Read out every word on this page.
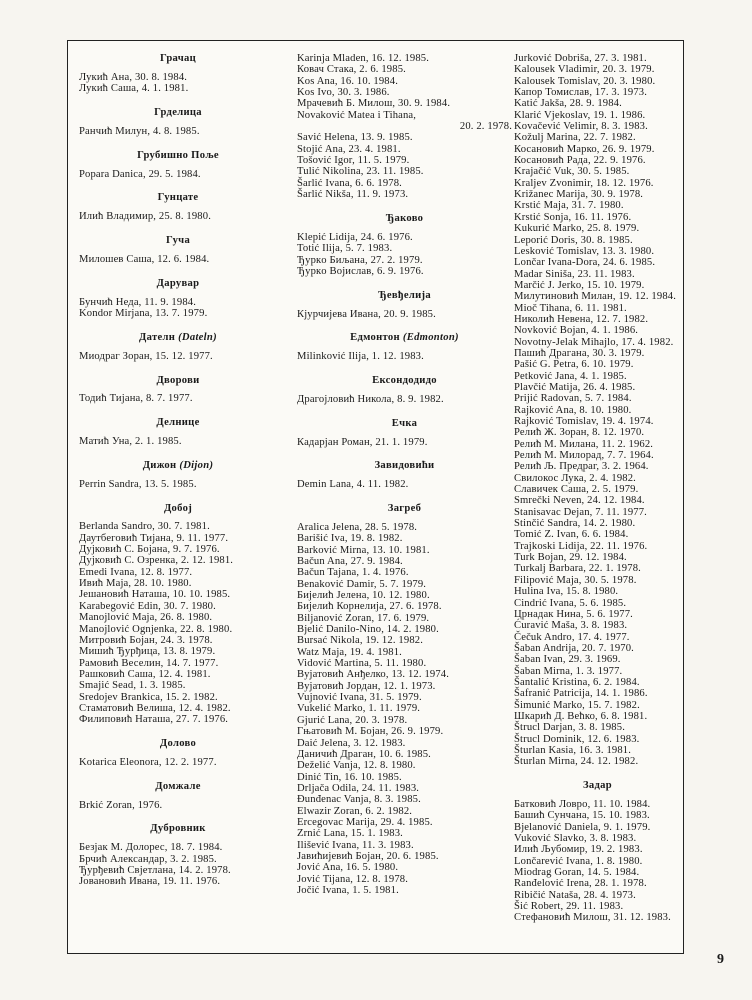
Грачац
Лукић Ана, 30. 8. 1984.
Лукић Саша, 4. 1. 1981.
Грделица
Ранчић Милун, 4. 8. 1985.
Грубишно Поље
Popara Danica, 29. 5. 1984.
Гунцате
Илић Владимир, 25. 8. 1980.
Гуча
Милошев Саша, 12. 6. 1984.
Дарувар
Бунчић Неда, 11. 9. 1984.
Kondor Mirjana, 13. 7. 1979.
Дателн (Dateln)
Миодраг Зоран, 15. 12. 1977.
Дворови
Тодић Тијана, 8. 7. 1977.
Делнице
Матић Уна, 2. 1. 1985.
Дижон (Dijon)
Perrin Sandra, 13. 5. 1985.
Добој
Berlanda Sandro, 30. 7. 1981.
Даутбеговић Тијана, 9. 11. 1977.
Дујковић С. Бојана, 9. 7. 1976.
Дујковић С. Озренка, 2. 12. 1981.
Emedi Ivana, 12. 8. 1977.
Ивић Маја, 28. 10. 1980.
Јешановић Наташа, 10. 10. 1985.
Karabegović Edin, 30. 7. 1980.
Manojlović Maja, 26. 8. 1980.
Manojlović Ognjenka, 22. 8. 1980.
Митровић Бојан, 24. 3. 1978.
Мишић Ђурђица, 13. 8. 1979.
Рамовић Веселин, 14. 7. 1977.
Рашковић Саша, 12. 4. 1981.
Smajić Sead, 1. 3. 1985.
Sredojev Brankica, 15. 2. 1982.
Стаматовић Велиша, 12. 4. 1982.
Филиповић Наташа, 27. 7. 1976.
Долово
Kotarica Eleonora, 12. 2. 1977.
Домжале
Brkić Zoran, 1976.
Дубровник
Безјак М. Долорес, 18. 7. 1984.
Брчић Александар, 3. 2. 1985.
Ђурђевић Свјетлана, 14. 2. 1978.
Јовановић Ивана, 19. 11. 1976.
Karinja Mladen, 16. 12. 1985.
Ковач Стака, 2. 6. 1985.
Kos Ana, 16. 10. 1984.
Kos Ivo, 30. 3. 1986.
Мрачевић Б. Милош, 30. 9. 1984.
Novaković Matea i Tihana,
20. 2. 1978.
Savić Helena, 13. 9. 1985.
Stojić Ana, 23. 4. 1981.
Tošović Igor, 11. 5. 1979.
Tulić Nikolina, 23. 11. 1985.
Šarlić Ivana, 6. 6. 1978.
Šarlić Nikša, 11. 9. 1973.
Ђаково
Klepić Lidija, 24. 6. 1976.
Totić Ilija, 5. 7. 1983.
Ђуркo Биљана, 27. 2. 1979.
Ђуркo Војислав, 6. 9. 1976.
Ђевђелија
Кјурчијева Ивана, 20. 9. 1985.
Едмонтон (Edmonton)
Milinković Ilija, 1. 12. 1983.
Ексондодидо
Драгојловић Никола, 8. 9. 1982.
Ечка
Кадарјан Роман, 21. 1. 1979.
Завидовићи
Demin Lana, 4. 11. 1982.
Загреб
Aralica Jelena, 28. 5. 1978.
Barišić Iva, 19. 8. 1982.
Barković Mirna, 13. 10. 1981.
Bačun Ana, 27. 9. 1984.
Bačun Tajana, 1. 4. 1976.
Benaković Damir, 5. 7. 1979.
Бијелић Јелена, 10. 12. 1980.
Бијелић Корнелија, 27. 6. 1978.
Biljanović Zoran, 17. 6. 1979.
Bjelić Danilo-Nino, 14. 2. 1980.
Bursać Nikola, 19. 12. 1982.
Watz Maja, 19. 4. 1981.
Vidović Martina, 5. 11. 1980.
Вујатовић Анђелко, 13. 12. 1974.
Вујатовић Јордан, 12. 1. 1973.
Vujnović Ivana, 31. 5. 1979.
Vukelić Marko, 1. 11. 1979.
Gjurić Lana, 20. 3. 1978.
Гњатовић М. Бојан, 26. 9. 1979.
Daić Jelena, 3. 12. 1983.
Даничић Драган, 10. 6. 1985.
Deželić Vanja, 12. 8. 1980.
Dinić Tin, 16. 10. 1985.
Drljača Odila, 24. 11. 1983.
Đunđenac Vanja, 8. 3. 1985.
Elwazir Zoran, 6. 2. 1982.
Ercegovac Marija, 29. 4. 1985.
Zrnić Lana, 15. 1. 1983.
Ilišević Ivana, 11. 3. 1983.
Јавићијевић Бојан, 20. 6. 1985.
Jović Ana, 16. 5. 1980.
Jović Tijana, 12. 8. 1978.
Jočić Ivana, 1. 5. 1981.
Jurković Dobriša, 27. 3. 1981.
Kalousek Vladimir, 20. 3. 1979.
Kalousek Tomislav, 20. 3. 1980.
Капор Томислав, 17. 3. 1973.
Katić Jakša, 28. 9. 1984.
Klarić Vjekoslav, 19. 1. 1986.
Kovačević Velimir, 8. 3. 1983.
Kožulj Marina, 22. 7. 1982.
Косановић Марко, 26. 9. 1979.
Косановић Рада, 22. 9. 1976.
Krajačić Vuk, 30. 5. 1985.
Kraljev Zvonimir, 18. 12. 1976.
Križanec Marija, 30. 9. 1978.
Krstić Maja, 31. 7. 1980.
Krstić Sonja, 16. 11. 1976.
Kukurić Marko, 25. 8. 1979.
Leporić Doris, 30. 8. 1985.
Lesković Tomislav, 13. 3. 1980.
Lončar Ivana-Dora, 24. 6. 1985.
Madar Siniša, 23. 11. 1983.
Marčić J. Jerko, 15. 10. 1979.
Милутиновић Милан, 19. 12. 1984.
Mioč Tihana, 6. 11. 1981.
Николић Невена, 12. 7. 1982.
Novković Bojan, 4. 1. 1986.
Novotny-Jelak Mihajlo, 17. 4. 1982.
Пашић Драгана, 30. 3. 1979.
Pašić G. Petra, 6. 10. 1979.
Petković Jana, 4. 1. 1985.
Plavčić Matija, 26. 4. 1985.
Prijić Radovan, 5. 7. 1984.
Rajković Ana, 8. 10. 1980.
Rajković Tomislav, 19. 4. 1974.
Релић Ж. Зоран, 8. 12. 1970.
Релић М. Милана, 11. 2. 1962.
Релић М. Милорад, 7. 7. 1964.
Релић Љ. Предраг, 3. 2. 1964.
Свилокос Лука, 2. 4. 1982.
Славичек Саша, 2. 5. 1979.
Smrečki Neven, 24. 12. 1984.
Stanisavac Dejan, 7. 11. 1977.
Stinčić Sandra, 14. 2. 1980.
Tomić Z. Ivan, 6. 6. 1984.
Trajkoski Lidija, 22. 11. 1976.
Turk Bojan, 29. 12. 1984.
Turkalj Barbara, 22. 1. 1978.
Filipović Maja, 30. 5. 1978.
Hulina Iva, 15. 8. 1980.
Cindrić Ivana, 5. 6. 1985.
Црнадак Нина, 5. 6. 1977.
Ćuravić Maša, 3. 8. 1983.
Čečuk Andro, 17. 4. 1977.
Šaban Andrija, 20. 7. 1970.
Šaban Ivan, 29. 3. 1969.
Šaban Mirna, 1. 3. 1977.
Šantalić Kristina, 6. 2. 1984.
Šafranić Patricija, 14. 1. 1986.
Šimunić Marko, 15. 7. 1982.
Шкарић Д. Већко, 6. 8. 1981.
Štrucl Darjan, 3. 8. 1985.
Štrucl Dominik, 12. 6. 1983.
Šturlan Kasia, 16. 3. 1981.
Šturlan Mirna, 24. 12. 1982.
Задар
Батковић Ловро, 11. 10. 1984.
Башић Сунчана, 15. 10. 1983.
Bjelanović Daniela, 9. 1. 1979.
Vuković Slavko, 3. 8. 1983.
Илић Љубомир, 19. 2. 1983.
Lončarević Ivana, 1. 8. 1980.
Miodrag Goran, 14. 5. 1984.
Ranđelović Irena, 28. 1. 1978.
Ribičić Nataša, 28. 4. 1973.
Šić Robert, 29. 11. 1983.
Стефановић Милош, 31. 12. 1983.
9
